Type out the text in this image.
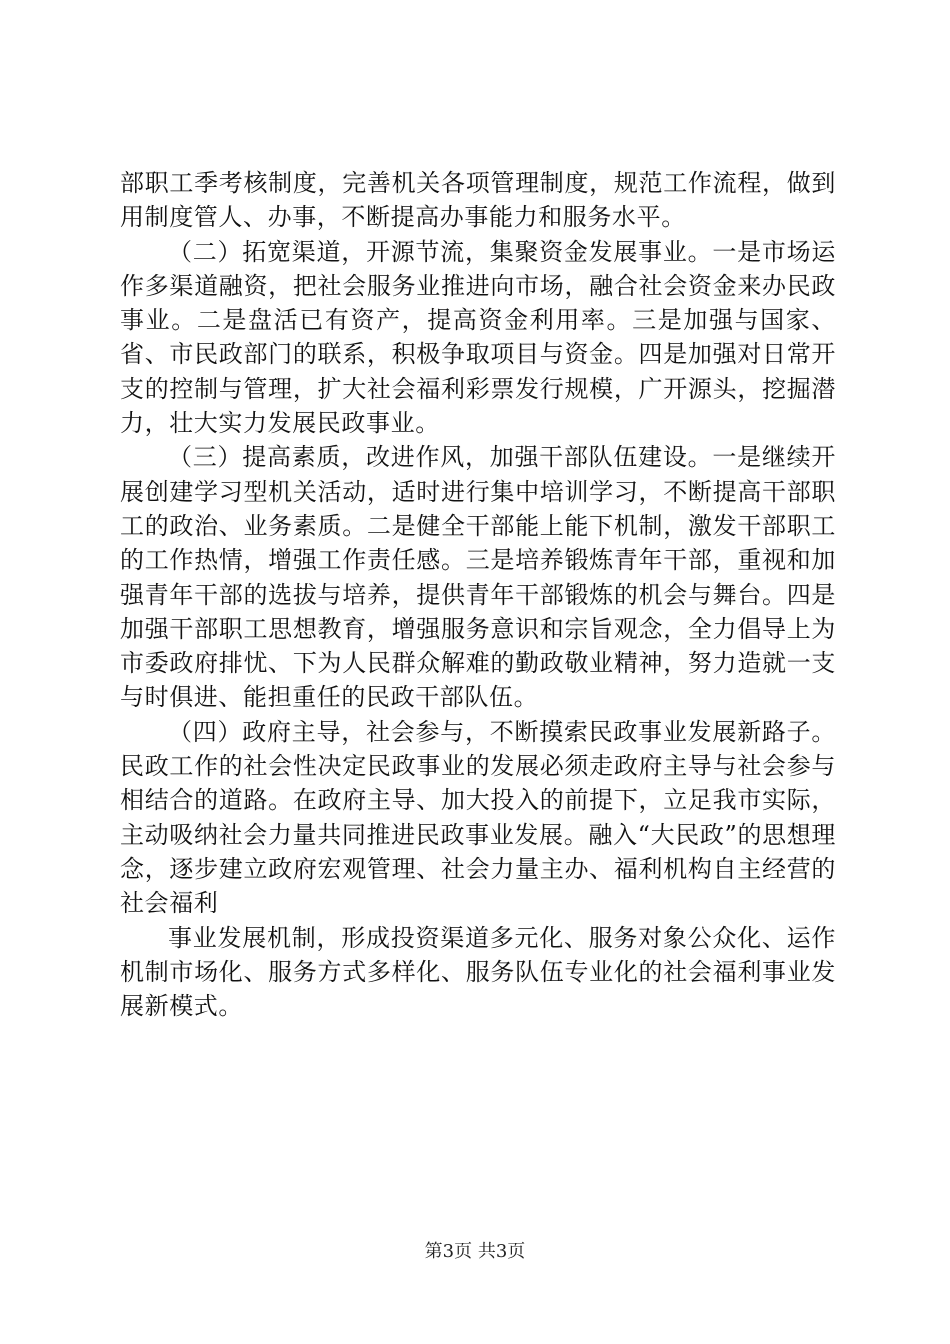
部职工季考核制度，完善机关各项管理制度，规范工作流程，做到用制度管人、办事，不断提高办事能力和服务水平。

（二）拓宽渠道，开源节流，集聚资金发展事业。一是市场运作多渠道融资，把社会服务业推进向市场，融合社会资金来办民政事业。二是盘活已有资产，提高资金利用率。三是加强与国家、省、市民政部门的联系，积极争取项目与资金。四是加强对日常开支的控制与管理，扩大社会福利彩票发行规模，广开源头，挖掘潜力，壮大实力发展民政事业。

（三）提高素质，改进作风，加强干部队伍建设。一是继续开展创建学习型机关活动，适时进行集中培训学习，不断提高干部职工的政治、业务素质。二是健全干部能上能下机制，激发干部职工的工作热情，增强工作责任感。三是培养锻炼青年干部，重视和加强青年干部的选拔与培养，提供青年干部锻炼的机会与舞台。四是加强干部职工思想教育，增强服务意识和宗旨观念，全力倡导上为市委政府排忧、下为人民群众解难的勤政敬业精神，努力造就一支与时俱进、能担重任的民政干部队伍。

（四）政府主导，社会参与，不断摸索民政事业发展新路子。民政工作的社会性决定民政事业的发展必须走政府主导与社会参与相结合的道路。在政府主导、加大投入的前提下，立足我市实际，主动吸纳社会力量共同推进民政事业发展。融入“大民政”的思想理念，逐步建立政府宏观管理、社会力量主办、福利机构自主经营的社会福利

事业发展机制，形成投资渠道多元化、服务对象公众化、运作机制市场化、服务方式多样化、服务队伍专业化的社会福利事业发展新模式。

第3页 共3页
